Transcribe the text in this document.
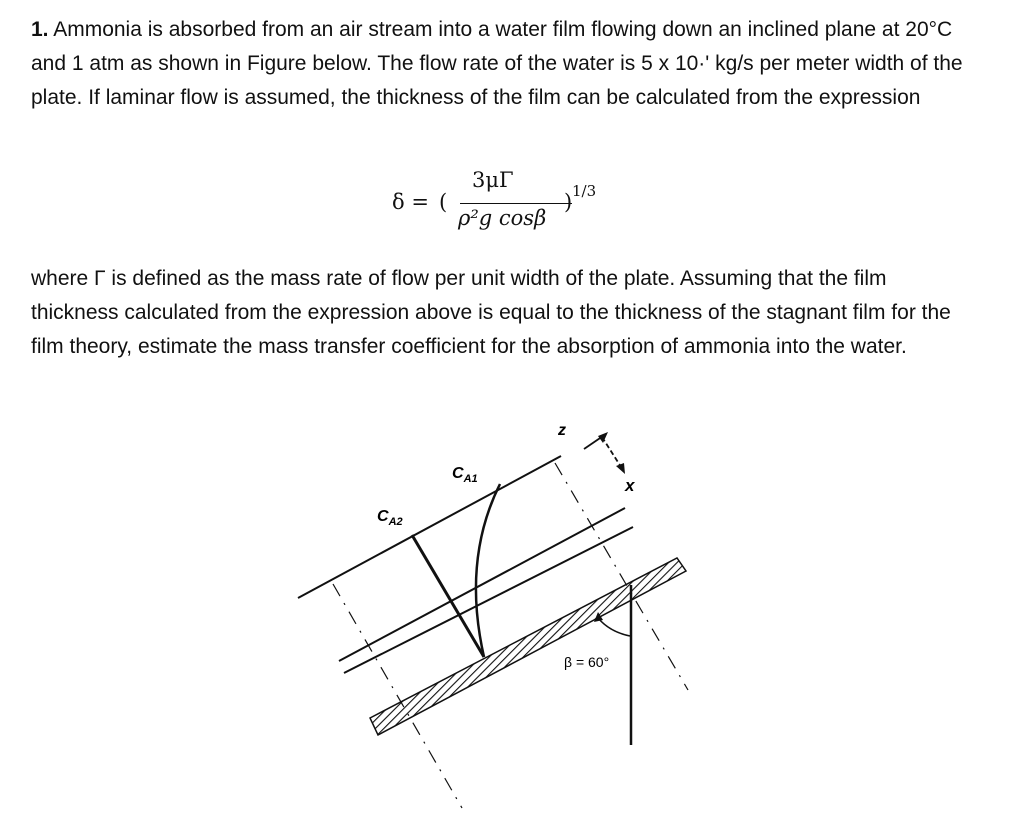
1. Ammonia is absorbed from an air stream into a water film flowing down an inclined plane at 20°C and 1 atm as shown in Figure below. The flow rate of the water is 5 x 10·' kg/s per meter width of the plate. If laminar flow is assumed, the thickness of the film can be calculated from the expression
δ = (
3μΓ
ρ²g cosβ
) 1/3
where Γ is defined as the mass rate of flow per unit width of the plate. Assuming that the film thickness calculated from the expression above is equal to the thickness of the stagnant film for the film theory, estimate the mass transfer coefficient for the absorption of ammonia into the water.
$C_{A1}$
$C_{A2}$
z
x
β = 60°
